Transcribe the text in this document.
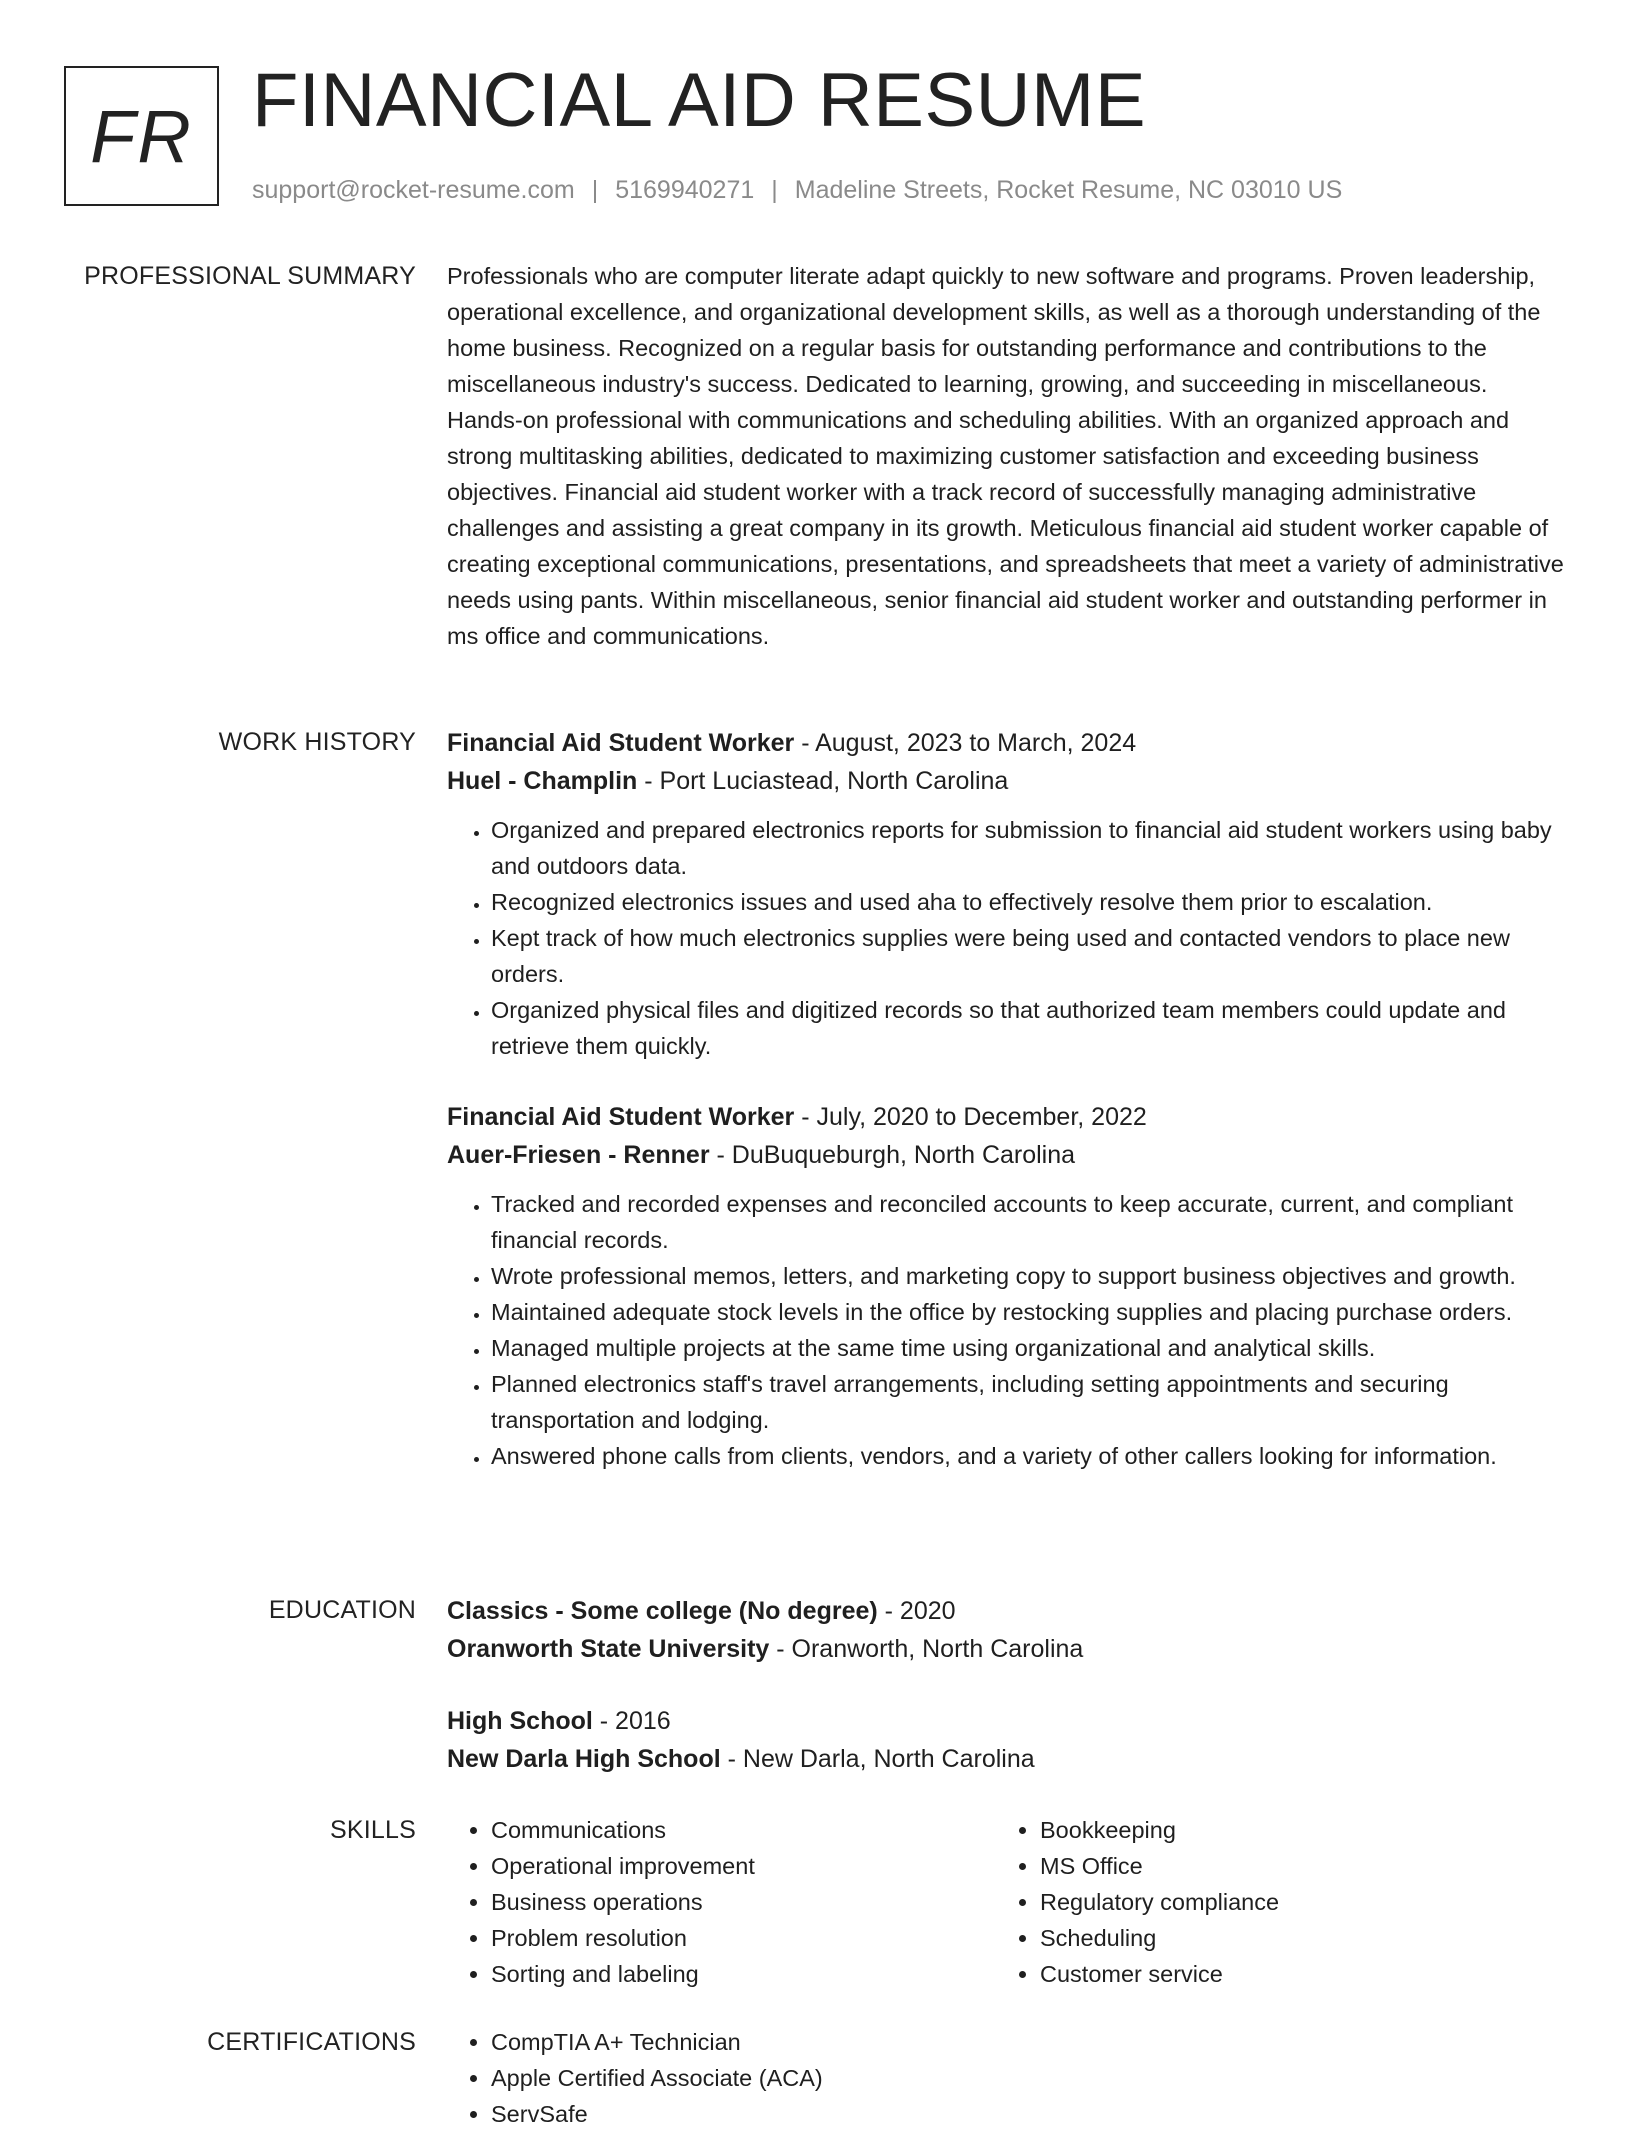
FR FINANCIAL AID RESUME
support@rocket-resume.com | 5169940271 | Madeline Streets, Rocket Resume, NC 03010 US
PROFESSIONAL SUMMARY Professionals who are computer literate adapt quickly to new software and programs. Proven leadership, operational excellence, and organizational development skills, as well as a thorough understanding of the home business. Recognized on a regular basis for outstanding performance and contributions to the miscellaneous industry's success. Dedicated to learning, growing, and succeeding in miscellaneous. Hands-on professional with communications and scheduling abilities. With an organized approach and strong multitasking abilities, dedicated to maximizing customer satisfaction and exceeding business objectives. Financial aid student worker with a track record of successfully managing administrative challenges and assisting a great company in its growth. Meticulous financial aid student worker capable of creating exceptional communications, presentations, and spreadsheets that meet a variety of administrative needs using pants. Within miscellaneous, senior financial aid student worker and outstanding performer in ms office and communications.

WORK HISTORY Financial Aid Student Worker - August, 2023 to March, 2024
Huel - Champlin - Port Luciastead, North Carolina
• Organized and prepared electronics reports for submission to financial aid student workers using baby and outdoors data.
• Recognized electronics issues and used aha to effectively resolve them prior to escalation.
• Kept track of how much electronics supplies were being used and contacted vendors to place new orders.
• Organized physical files and digitized records so that authorized team members could update and retrieve them quickly.
Financial Aid Student Worker - July, 2020 to December, 2022
Auer-Friesen - Renner - DuBuqueburgh, North Carolina
• Tracked and recorded expenses and reconciled accounts to keep accurate, current, and compliant financial records.
• Wrote professional memos, letters, and marketing copy to support business objectives and growth.
• Maintained adequate stock levels in the office by restocking supplies and placing purchase orders.
• Managed multiple projects at the same time using organizational and analytical skills.
• Planned electronics staff's travel arrangements, including setting appointments and securing transportation and lodging.
• Answered phone calls from clients, vendors, and a variety of other callers looking for information.
EDUCATION Classics - Some college (No degree) - 2020
Oranworth State University - Oranworth, North Carolina
High School - 2016
New Darla High School - New Darla, North Carolina
SKILLS	• Communications
• Operational improvement
• Business operations
• Problem resolution
• Sorting and labeling
• Bookkeeping
• MS Office
• Regulatory compliance
• Scheduling
• Customer service
CERTIFICATIONS	• CompTIA A+ Technician
• Apple Certified Associate (ACA)
• ServSafe
